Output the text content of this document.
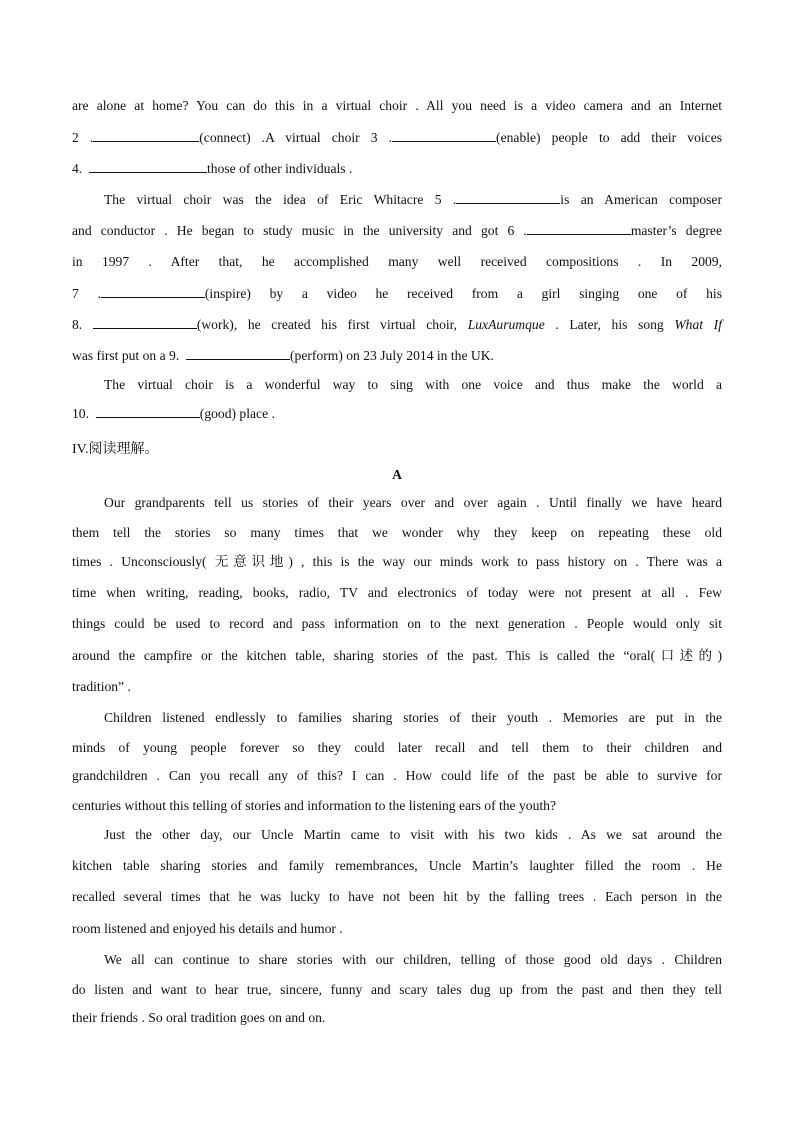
are alone at home? You can do this in a virtual choir . All you need is a video camera and an Internet
2 .	(connect) .A virtual choir 3 .	(enable) people to add their voices
4.	those of other individuals .
The virtual choir was the idea of Eric Whitacre 5 .	is an American composer
and conductor . He began to study music in the university and got 6 .	master’s degree
in 1997 . After that, he accomplished many well received compositions . In 2009,
7 .	(inspire) by a video he received from a girl singing one of his
8.	(work), he created his first virtual choir, LuxAurumque . Later, his song What If
was first put on a 9.	(perform) on 23 July 2014 in the UK.
The virtual choir is a wonderful way to sing with one voice and thus make the world a
10.	(good) place .
IV.阅读理解。
A
Our grandparents tell us stories of their years over and over again . Until finally we have heard
them tell the stories so many times that we wonder why they keep on repeating these old
times . Unconsciously( 无意识地) , this is the way our minds work to pass history on . There was a
time when writing, reading, books, radio, TV and electronics of today were not present at all . Few
things could be used to record and pass information on to the next generation . People would only sit
around the campfire or the kitchen table, sharing stories of the past. This is called the “oral(口述的)
tradition” .
Children listened endlessly to families sharing stories of their youth . Memories are put in the
minds of young people forever so they could later recall and tell them to their children and
grandchildren . Can you recall any of this? I can . How could life of the past be able to survive for
centuries without this telling of stories and information to the listening ears of the youth?
Just the other day, our Uncle Martin came to visit with his two kids . As we sat around the
kitchen table sharing stories and family remembrances, Uncle Martin’s laughter filled the room . He
recalled several times that he was lucky to have not been hit by the falling trees . Each person in the
room listened and enjoyed his details and humor .
We all can continue to share stories with our children, telling of those good old days . Children
do listen and want to hear true, sincere, funny and scary tales dug up from the past and then they tell
their friends . So oral tradition goes on and on.
